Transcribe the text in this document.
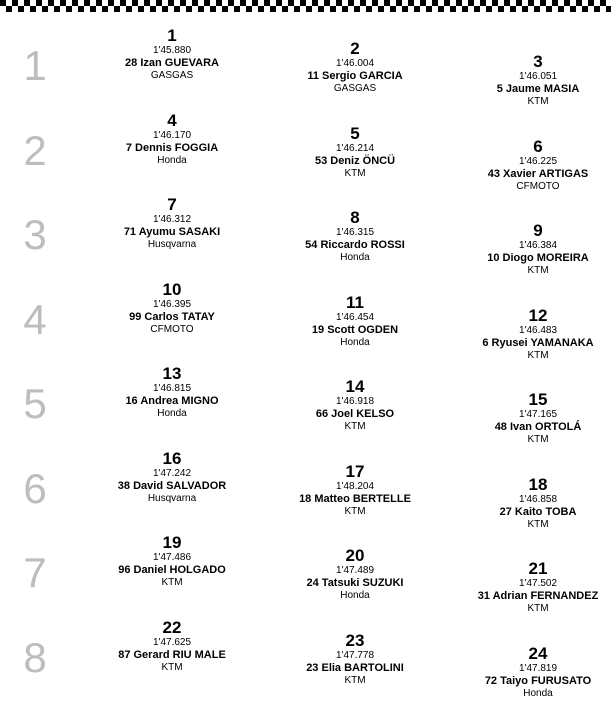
1
1
1'45.880
28 Izan GUEVARA
GASGAS
2
1'46.004
11 Sergio GARCIA
GASGAS
3
1'46.051
5 Jaume MASIA
KTM
2
4
1'46.170
7 Dennis FOGGIA
Honda
5
1'46.214
53 Deniz ÖNCÜ
KTM
6
1'46.225
43 Xavier ARTIGAS
CFMOTO
3
7
1'46.312
71 Ayumu SASAKI
Husqvarna
8
1'46.315
54 Riccardo ROSSI
Honda
9
1'46.384
10 Diogo MOREIRA
KTM
4
10
1'46.395
99 Carlos TATAY
CFMOTO
11
1'46.454
19 Scott OGDEN
Honda
12
1'46.483
6 Ryusei YAMANAKA
KTM
5
13
1'46.815
16 Andrea MIGNO
Honda
14
1'46.918
66 Joel KELSO
KTM
15
1'47.165
48 Ivan ORTOLÁ
KTM
6
16
1'47.242
38 David SALVADOR
Husqvarna
17
1'48.204
18 Matteo BERTELLE
KTM
18
1'46.858
27 Kaito TOBA
KTM
7
19
1'47.486
96 Daniel HOLGADO
KTM
20
1'47.489
24 Tatsuki SUZUKI
Honda
21
1'47.502
31 Adrian FERNANDEZ
KTM
8
22
1'47.625
87 Gerard RIU MALE
KTM
23
1'47.778
23 Elia BARTOLINI
KTM
24
1'47.819
72 Taiyo FURUSATO
Honda
